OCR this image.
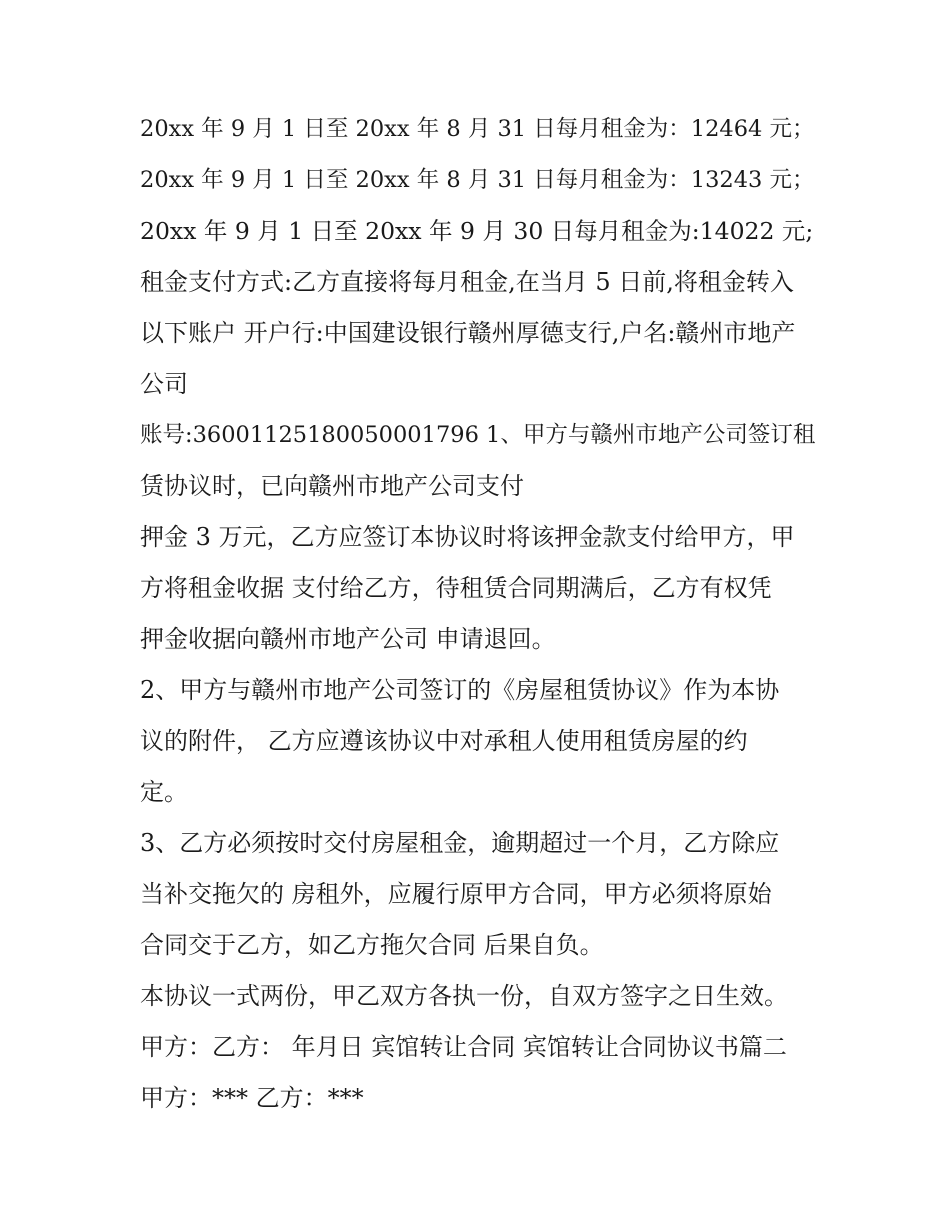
20xx 年 9 月 1 日至 20xx 年 8 月 31 日每月租金为：12464 元；
20xx 年 9 月 1 日至 20xx 年 8 月 31 日每月租金为：13243 元；
20xx 年 9 月 1 日至 20xx 年 9 月 30 日每月租金为:14022 元;
租金支付方式:乙方直接将每月租金,在当月 5 日前,将租金转入
以下账户 开户行:中国建设银行赣州厚德支行,户名:赣州市地产
公司
账号:36001125180050001796 1、甲方与赣州市地产公司签订租
赁协议时，已向赣州市地产公司支付
押金 3 万元，乙方应签订本协议时将该押金款支付给甲方，甲
方将租金收据 支付给乙方，待租赁合同期满后，乙方有权凭
押金收据向赣州市地产公司 申请退回。
2、甲方与赣州市地产公司签订的《房屋租赁协议》作为本协
议的附件， 乙方应遵该协议中对承租人使用租赁房屋的约
定。
3、乙方必须按时交付房屋租金，逾期超过一个月，乙方除应
当补交拖欠的 房租外，应履行原甲方合同，甲方必须将原始
合同交于乙方，如乙方拖欠合同 后果自负。
本协议一式两份，甲乙双方各执一份，自双方签字之日生效。
甲方：乙方： 年月日 宾馆转让合同 宾馆转让合同协议书篇二
甲方：*** 乙方：***
